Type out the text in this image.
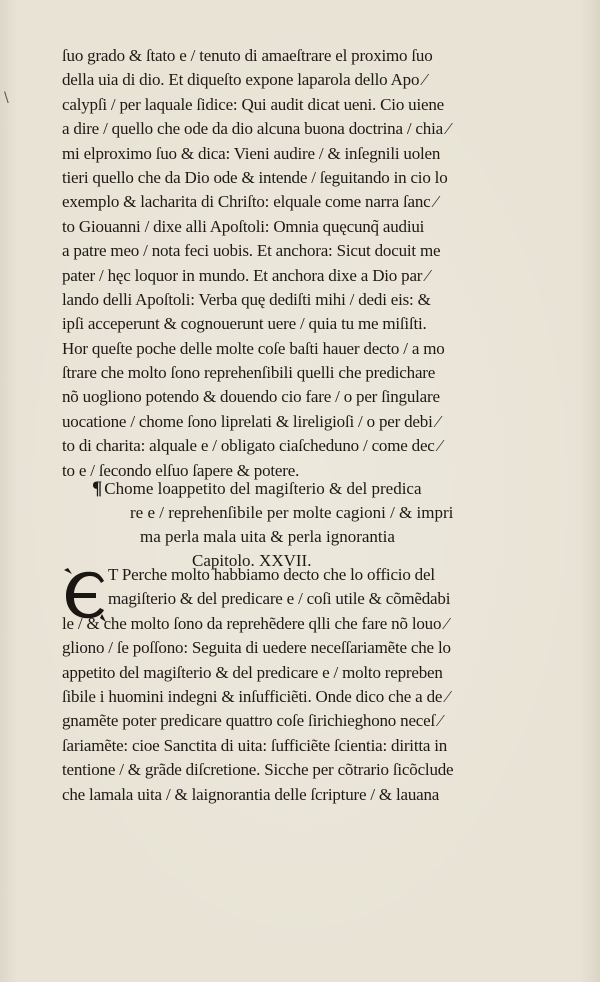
\
ſuo grado & ſtato e / tenuto di amaeſtrare el proximo ſuo
della uia di dio. Et diqueſto expone laparola dello Apo ⁄
calypſi / per laquale ſidice: Qui audit dicat ueni. Cio uiene
a dire / quello che ode da dio alcuna buona doctrina / chia ⁄
mi elproximo ſuo & dica: Vieni audire / & inſegnili uolen
tieri quello che da Dio ode & intende / ſeguitando in cio lo
exemplo & lacharita di Chriſto: elquale come narra ſanc ⁄
to Giouanni / dixe alli Apoſtoli: Omnia quęcunq̃ audiui
a patre meo / nota feci uobis. Et anchora: Sicut docuit me
pater / hęc loquor in mundo. Et anchora dixe a Dio par ⁄
lando delli Apoſtoli: Verba quę dediſti mihi / dedi eis: &
ipſi acceperunt & cognouerunt uere / quia tu me miſiſti.
Hor queſte poche delle molte coſe baſti hauer decto / a mo
ſtrare che molto ſono reprehenſibili quelli che predichare
nõ uogliono potendo & douendo cio fare / o per ſingulare
uocatione / chome ſono liprelati & lireligioſi / o per debi ⁄
to di charita: alquale e / obligato ciaſcheduno / come dec ⁄
to e / ſecondo elſuo ſapere & potere.
¶ Chome loappetito del magiſterio & del predica
re e / reprehenſibile per molte cagioni / & impri
ma perla mala uita & perla ignorantia
Capitolo. XXVII.
E
T Perche molto habbiamo decto che lo officio del
magiſterio & del predicare e / coſi utile & cõmẽdabi
le / & che molto ſono da reprehẽdere qlli che fare nõ louo ⁄
gliono / ſe poſſono: Seguita di uedere neceſſariamẽte che lo
appetito del magiſterio & del predicare e / molto repreben
ſibile i huomini indegni & inſufficiẽti. Onde dico che a de ⁄
gnamẽte poter predicare quattro coſe ſirichieghono neceſ ⁄
ſariamẽte: cioe Sanctita di uita: ſufficiẽte ſcientia: diritta in
tentione / & grãde diſcretione. Sicche per cõtrario ſicõclude
che lamala uita / & laignorantia delle ſcripture / & lauana
